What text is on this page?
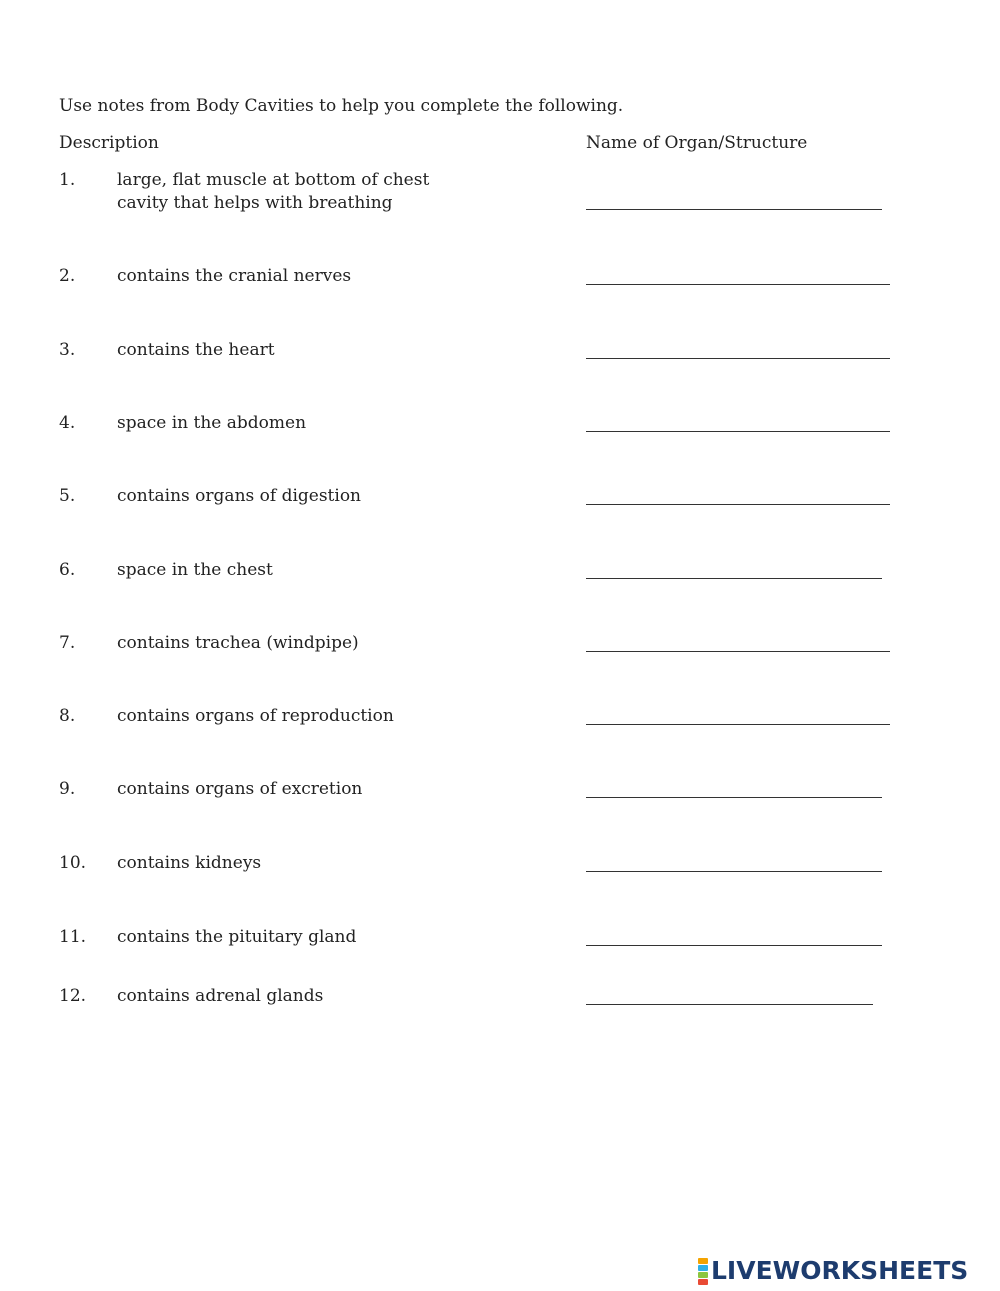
Use notes from Body Cavities to help you complete the following.
Description	Name of Organ/Structure
1. large, flat muscle at bottom of chest cavity that helps with breathing
2. contains the cranial nerves
3. contains the heart
4. space in the abdomen
5. contains organs of digestion
6. space in the chest
7. contains trachea (windpipe)
8. contains organs of reproduction
9. contains organs of excretion
10. contains kidneys
11. contains the pituitary gland
12. contains adrenal glands
LIVEWORKSHEETS
